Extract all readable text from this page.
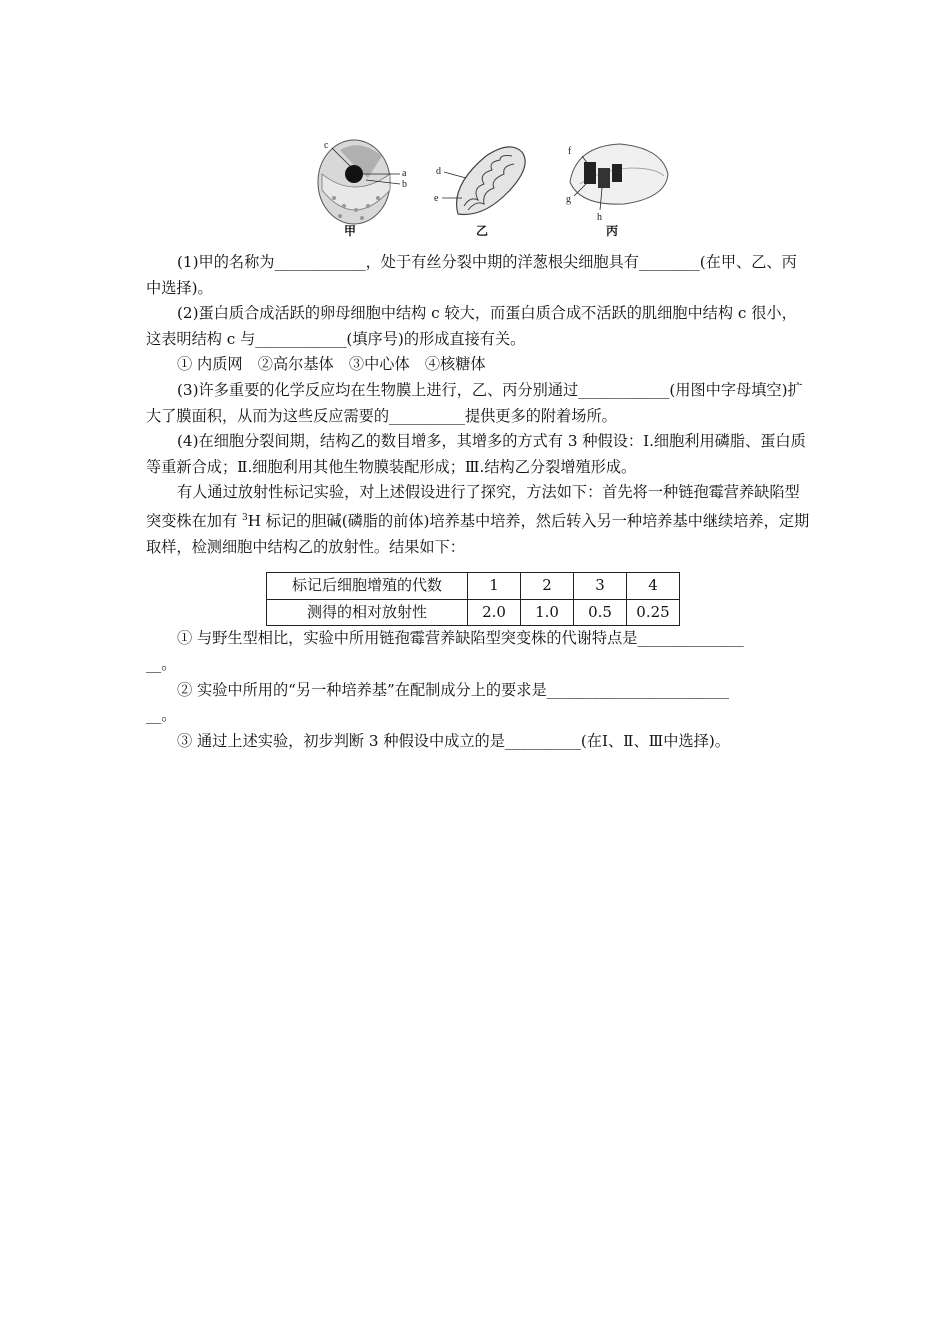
c
a
b
d
e
f
g
h
甲	乙	丙

(1)甲的名称为____________，处于有丝分裂中期的洋葱根尖细胞具有________(在甲、乙、丙中选择)。

(2)蛋白质合成活跃的卵母细胞中结构 c 较大，而蛋白质合成不活跃的肌细胞中结构 c 很小，这表明结构 c 与____________(填序号)的形成直接有关。

① 内质网　②高尔基体　③中心体　④核糖体

(3)许多重要的化学反应均在生物膜上进行，乙、丙分别通过____________(用图中字母填空)扩大了膜面积，从而为这些反应需要的__________提供更多的附着场所。

(4)在细胞分裂间期，结构乙的数目增多，其增多的方式有 3 种假设：Ⅰ.细胞利用磷脂、蛋白质等重新合成；Ⅱ.细胞利用其他生物膜装配形成；Ⅲ.结构乙分裂增殖形成。

有人通过放射性标记实验，对上述假设进行了探究，方法如下：首先将一种链孢霉营养缺陷型突变株在加有 $^3$H 标记的胆碱(磷脂的前体)培养基中培养，然后转入另一种培养基中继续培养，定期取样，检测细胞中结构乙的放射性。结果如下：

标记后细胞增殖的代数	1	2	3	4
测得的相对放射性	2.0	1.0	0.5	0.25

① 与野生型相比，实验中所用链孢霉营养缺陷型突变株的代谢特点是______________

__。

② 实验中所用的“另一种培养基”在配制成分上的要求是________________________

__。

③ 通过上述实验，初步判断 3 种假设中成立的是__________(在Ⅰ、Ⅱ、Ⅲ中选择)。
